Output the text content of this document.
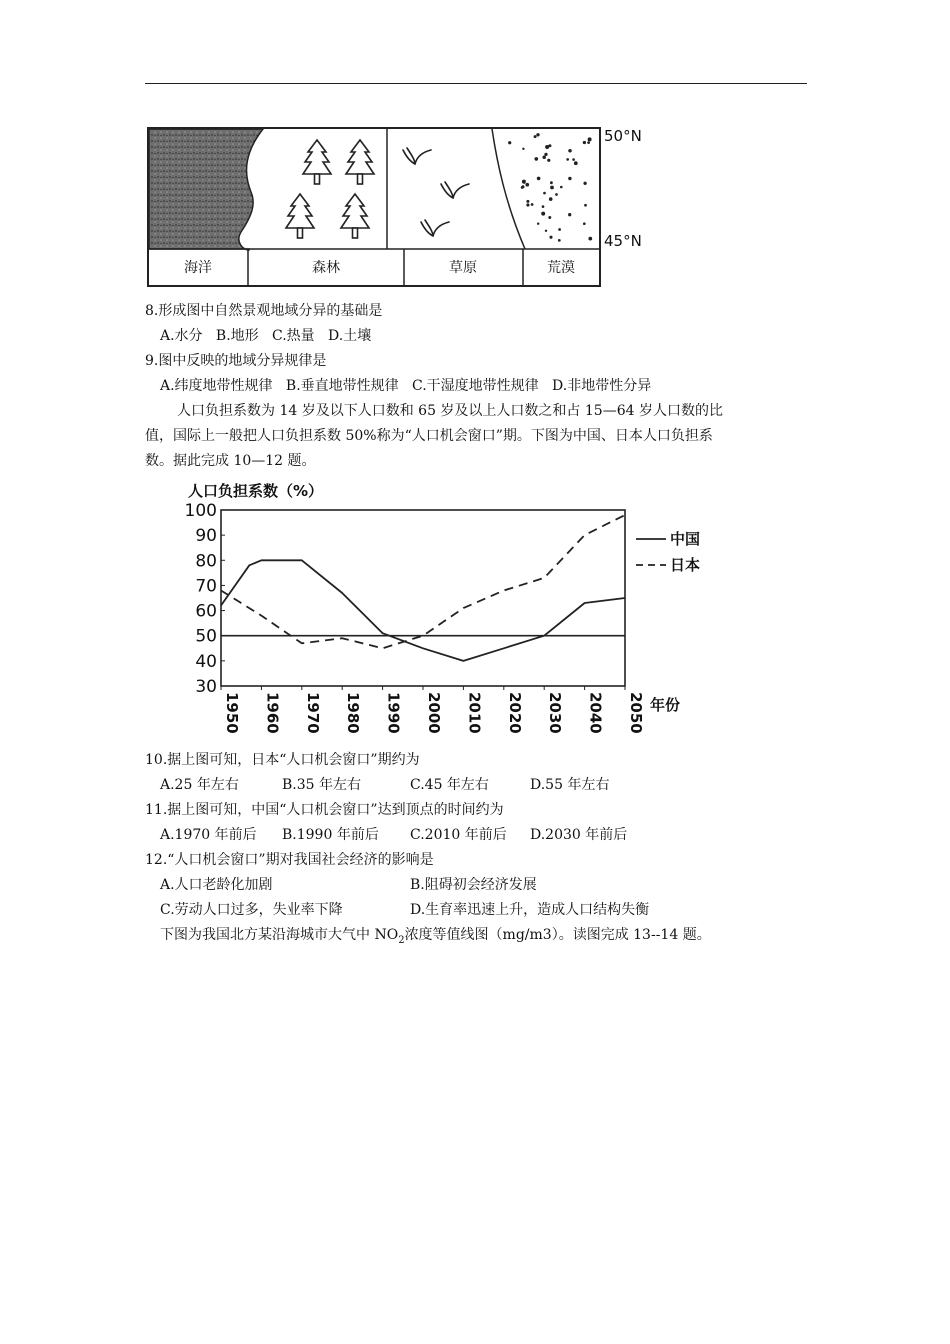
50°N
45°N
海洋	森林	草原	荒漠
8.形成图中自然景观地域分异的基础是
A.水分   B.地形   C.热量   D.土壤
9.图中反映的地域分异规律是
A.纬度地带性规律   B.垂直地带性规律   C.干湿度地带性规律   D.非地带性分异
人口负担系数为 14 岁及以下人口数和 65 岁及以上人口数之和占 15—64 岁人口数的比
值，国际上一般把人口负担系数 50%称为“人口机会窗口”期。下图为中国、日本人口负担系
数。据此完成 10—12 题。
人口负担系数（%）
30
40
50
60
70
80
90
100
1950 1960 1970 1980 1990 2000 2010 2020 2030 2040 2050
中国
日本
年份
10.据上图可知，日本“人口机会窗口”期约为
A.25 年左右	B.35 年左右	C.45 年左右	D.55 年左右
11.据上图可知，中国“人口机会窗口”达到顶点的时间约为
A.1970 年前后 B.1990 年前后 C.2010 年前后 D.2030 年前后
12.“人口机会窗口”期对我国社会经济的影响是
A.人口老龄化加剧	B.阻碍初会经济发展
C.劳动人口过多，失业率下降	D.生育率迅速上升，造成人口结构失衡
下图为我国北方某沿海城市大气中 $NO_2$浓度等值线图（mg/m3）。读图完成 13--14 题。
